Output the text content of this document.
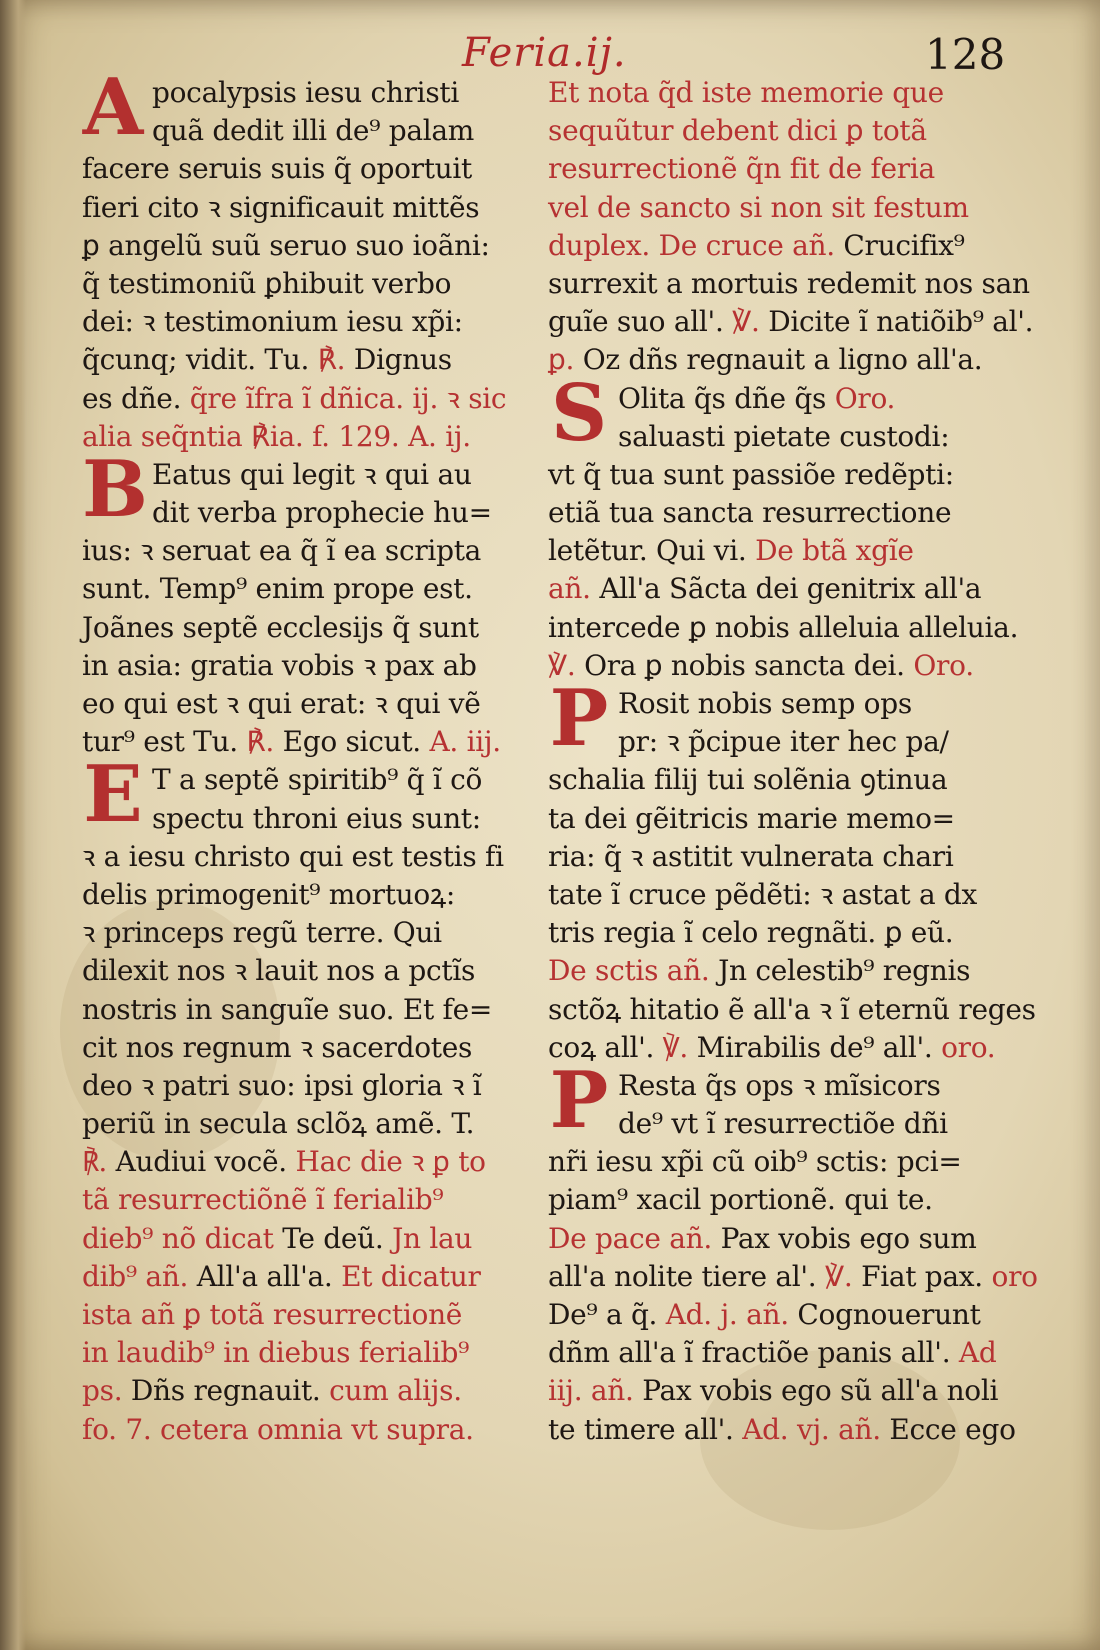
Feria.ij.	128
A pocalypsis iesu christi
quã dedit illi de⁹ palam
facere seruis suis q̃ oportuit
fieri cito ꝛ significauit mittẽs
ꝑ angelũ suũ seruo suo ioãni:
q̃ testimoniũ ꝑhibuit verbo
dei: ꝛ testimonium iesu xp̃i:
q̃cunq; vidit. Tu. ℟. Dignus
es dñe. q̃re ĩfra ĩ dñica. ij. ꝛ sic
alia seq̃ntia ℟ia. f. 129. A. ij.
B Eatus qui legit ꝛ qui au
dit verba prophecie hu=
ius: ꝛ seruat ea q̃ ĩ ea scripta
sunt. Temp⁹ enim prope est.
Joãnes septẽ ecclesijs q̃ sunt
in asia: gratia vobis ꝛ pax ab
eo qui est ꝛ qui erat: ꝛ qui vẽ
tur⁹ est Tu. ℟. Ego sicut. A. iij.
E T a septẽ spiritib⁹ q̃ ĩ cõ
spectu throni eius sunt:
ꝛ a iesu christo qui est testis fi
delis primogenit⁹ mortuoꝝ:
ꝛ princeps regũ terre. Qui
dilexit nos ꝛ lauit nos a pctĩs
nostris in sanguĩe suo. Et fe=
cit nos regnum ꝛ sacerdotes
deo ꝛ patri suo: ipsi gloria ꝛ ĩ
periũ in secula sclõꝝ amẽ. T.
℟. Audiui vocẽ. Hac die ꝛ ꝑ to
tã resurrectiõnẽ ĩ ferialib⁹
dieb⁹ nõ dicat Te deũ. Jn lau
dib⁹ añ. All'a all'a. Et dicatur
ista añ ꝑ totã resurrectionẽ
in laudib⁹ in diebus ferialib⁹
ps. Dñs regnauit. cum alijs.
fo. 7. cetera omnia vt supra.
Et nota q̃d iste memorie que
sequũtur debent dici ꝑ totã
resurrectionẽ q̃n fit de feria
vel de sancto si non sit festum
duplex. De cruce añ. Crucifix⁹
surrexit a mortuis redemit nos san
guĩe suo all'. ℣. Dicite ĩ natiõib⁹ al'.
ꝑ. Oz dñs regnauit a ligno all'a.
S Olita q̃s dñe q̃s Oro.
saluasti pietate custodi:
vt q̃ tua sunt passiõe redẽpti:
etiã tua sancta resurrectione
letẽtur. Qui vi. De btã xgĩe
añ. All'a Sãcta dei genitrix all'a
intercede ꝑ nobis alleluia alleluia.
℣. Ora ꝑ nobis sancta dei. Oro.
P Rosit nobis semp ops
pr: ꝛ p̃cipue iter hec pa/
schalia filij tui solẽnia ꝯtinua
ta dei gẽitricis marie memo=
ria: q̃ ꝛ astitit vulnerata chari
tate ĩ cruce pẽdẽti: ꝛ astat a dx
tris regia ĩ celo regnãti. ꝑ eũ.
De sctis añ. Jn celestib⁹ regnis
sctõꝝ hitatio ẽ all'a ꝛ ĩ eternũ reges
coꝝ all'. ℣. Mirabilis de⁹ all'. oro.
P Resta q̃s ops ꝛ mĩsicors
de⁹ vt ĩ resurrectiõe dñi
nr̃i iesu xp̃i cũ oib⁹ sctis: pci=
piam⁹ xacil portionẽ. qui te.
De pace añ. Pax vobis ego sum
all'a nolite tiere al'. ℣. Fiat pax. oro
De⁹ a q̃. Ad. j. añ. Cognouerunt
dñm all'a ĩ fractiõe panis all'. Ad
iij. añ. Pax vobis ego sũ all'a noli
te timere all'. Ad. vj. añ. Ecce ego
